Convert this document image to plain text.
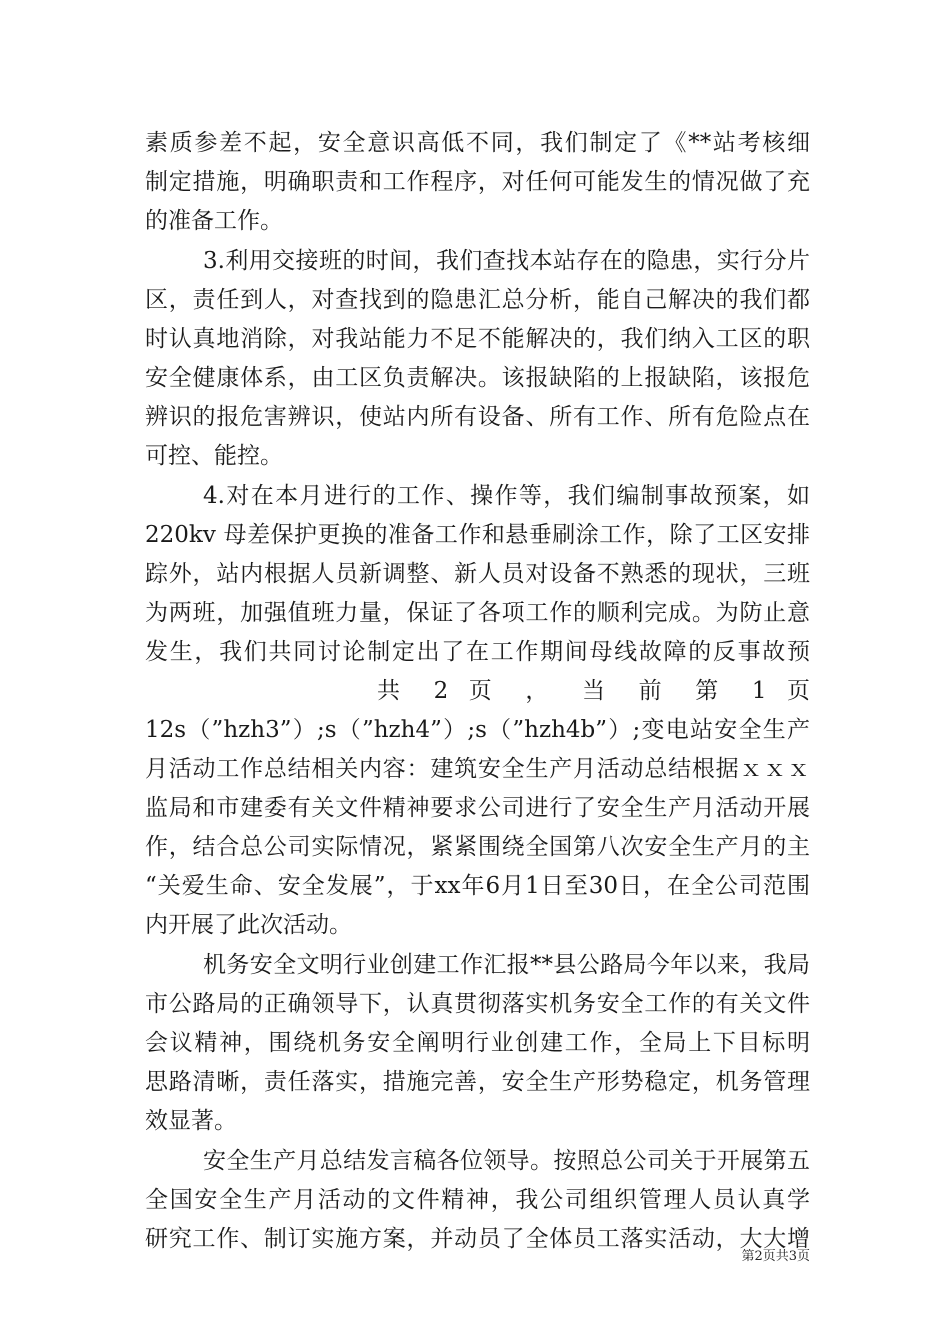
素质参差不起，安全意识高低不同，我们制定了《**站考核细
制定措施，明确职责和工作程序，对任何可能发生的情况做了充
的准备工作。
3.利用交接班的时间，我们查找本站存在的隐患，实行分片
区，责任到人，对查找到的隐患汇总分析，能自己解决的我们都
时认真地消除，对我站能力不足不能解决的，我们纳入工区的职
安全健康体系，由工区负责解决。该报缺陷的上报缺陷，该报危
辨识的报危害辨识，使站内所有设备、所有工作、所有危险点在
可控、能控。
4.对在本月进行的工作、操作等，我们编制事故预案，如
220kv 母差保护更换的准备工作和悬垂刷涂工作，除了工区安排
踪外，站内根据人员新调整、新人员对设备不熟悉的现状，三班
为两班，加强值班力量，保证了各项工作的顺利完成。为防止意
发生，我们共同讨论制定出了在工作期间母线故障的反事故预
共 2 页 ， 当 前 第 1 页
12s（”hzh3”）;s（”hzh4”）;s（”hzh4b”）;变电站安全生产
月活动工作总结相关内容：建筑安全生产月活动总结根据ｘｘｘ
监局和市建委有关文件精神要求公司进行了安全生产月活动开展
作，结合总公司实际情况，紧紧围绕全国第八次安全生产月的主
“关爱生命、安全发展”，于xx年6月1日至30日，在全公司范围
内开展了此次活动。
机务安全文明行业创建工作汇报**县公路局今年以来，我局
市公路局的正确领导下，认真贯彻落实机务安全工作的有关文件
会议精神，围绕机务安全阐明行业创建工作，全局上下目标明
思路清晰，责任落实，措施完善，安全生产形势稳定，机务管理
效显著。
安全生产月总结发言稿各位领导。按照总公司关于开展第五
全国安全生产月活动的文件精神，我公司组织管理人员认真学
研究工作、制订实施方案，并动员了全体员工落实活动，大大增
第2页共3页
